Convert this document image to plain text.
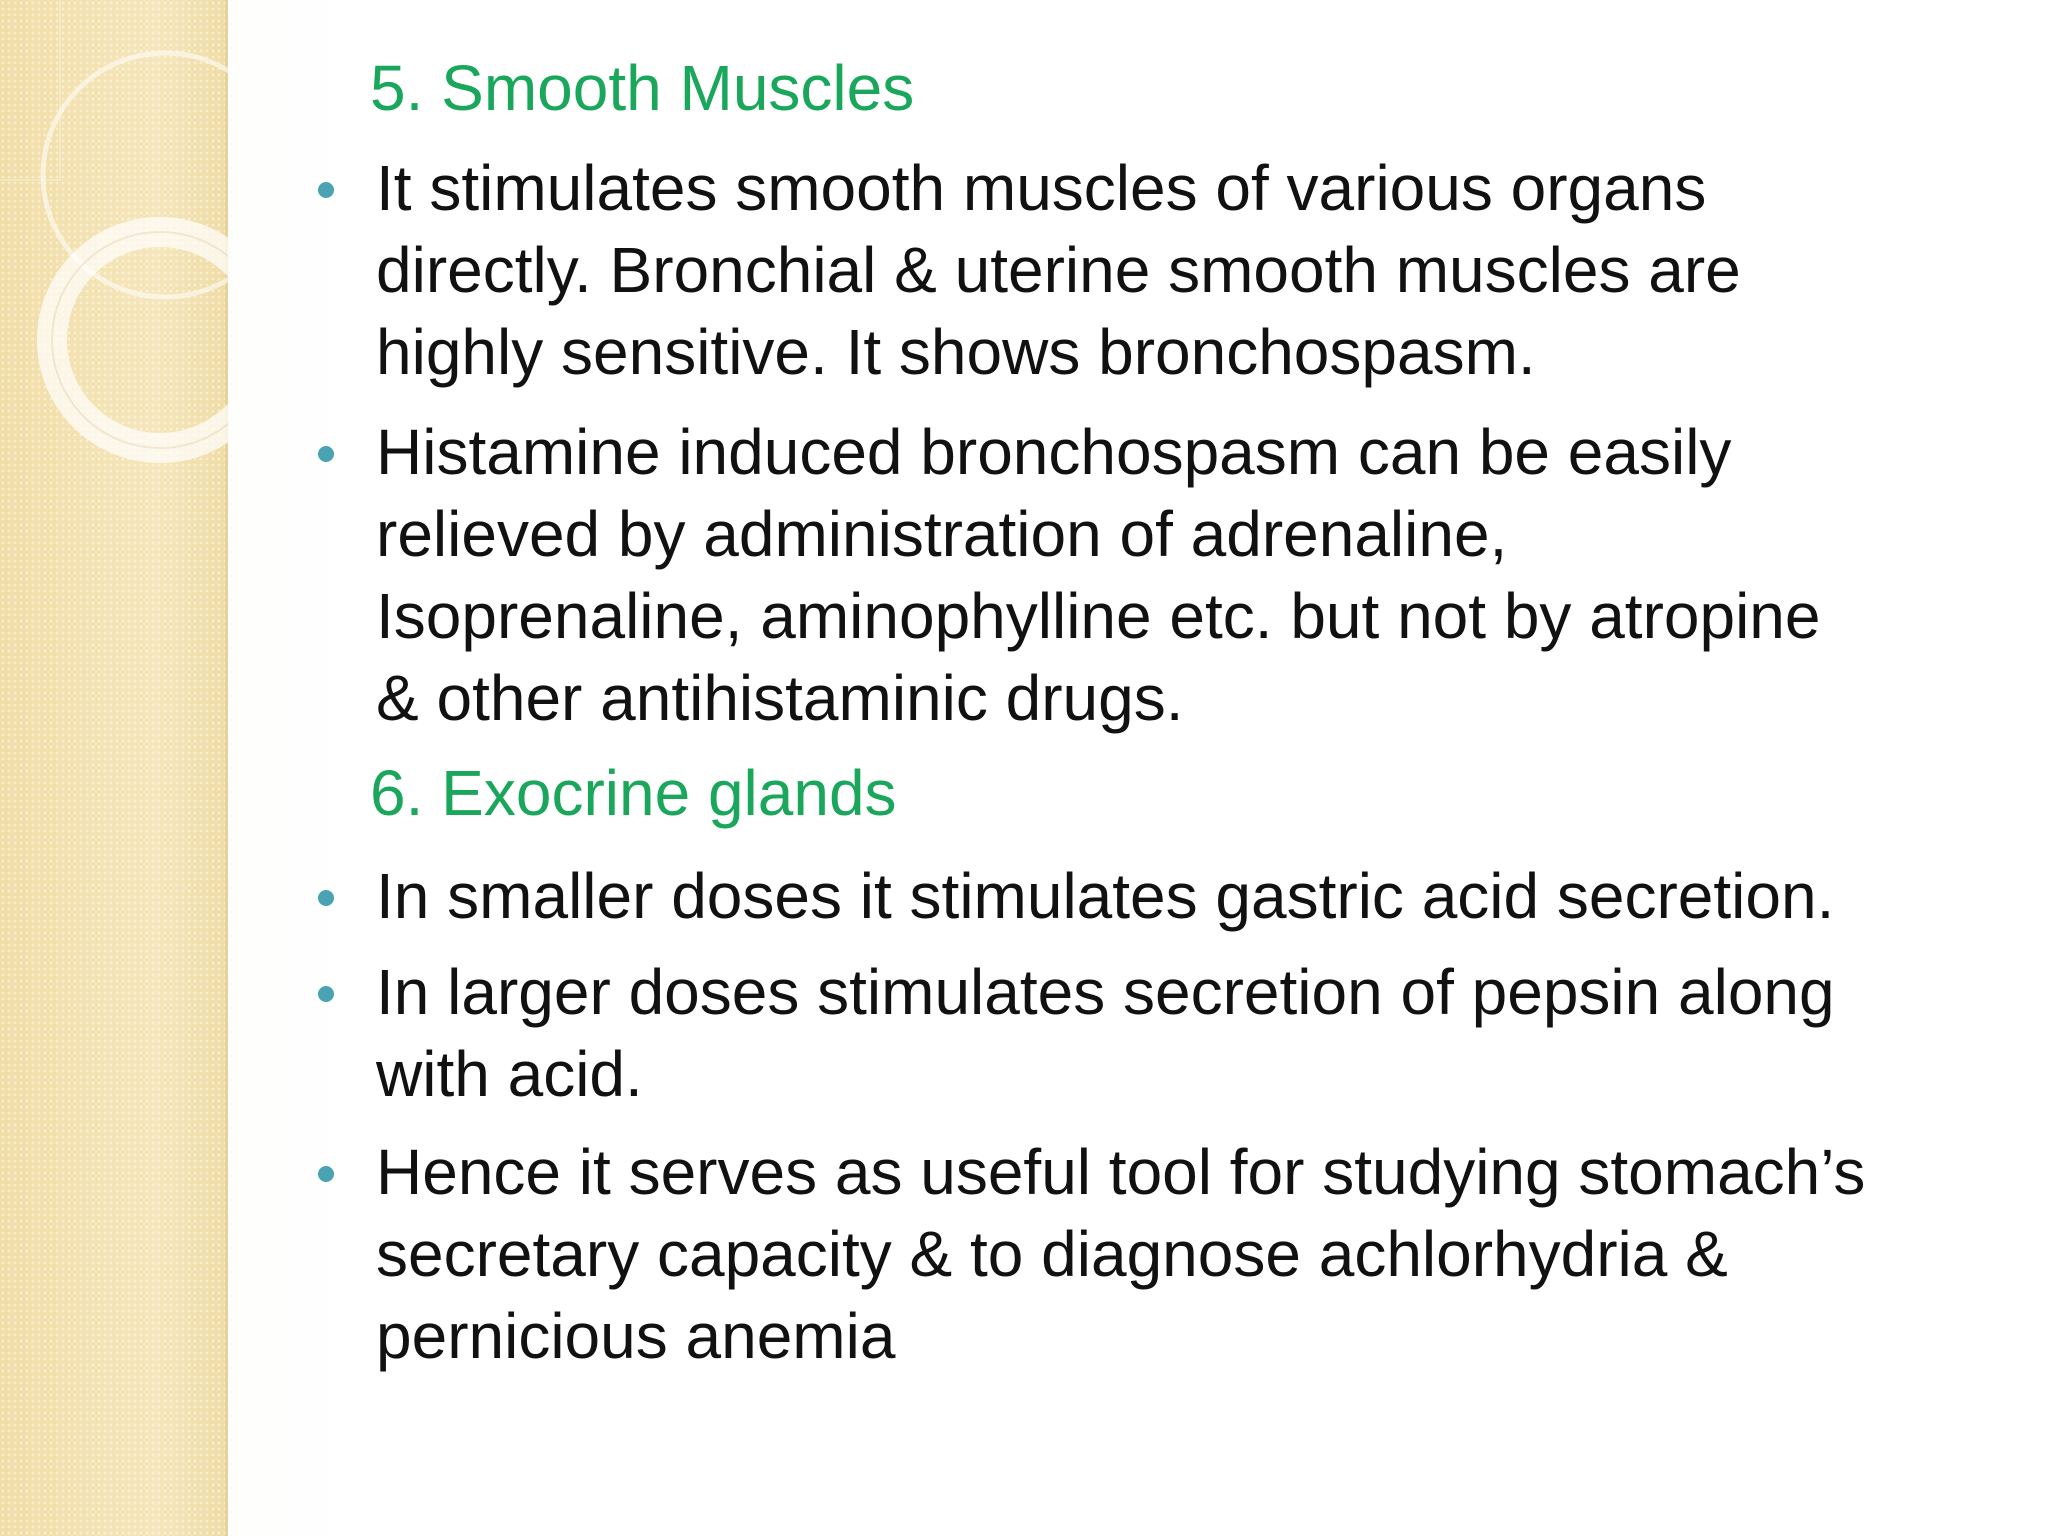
5. Smooth Muscles
It stimulates smooth muscles of various organs
directly. Bronchial & uterine smooth muscles are
highly sensitive. It shows bronchospasm.
Histamine induced bronchospasm can be easily
relieved by administration of adrenaline,
Isoprenaline, aminophylline etc. but not by atropine
& other antihistaminic drugs.
6. Exocrine glands
In smaller doses it stimulates gastric acid secretion.
In larger doses stimulates secretion of pepsin along
with acid.
Hence it serves as useful tool for studying stomach’s
secretary capacity & to diagnose achlorhydria &
pernicious anemia
